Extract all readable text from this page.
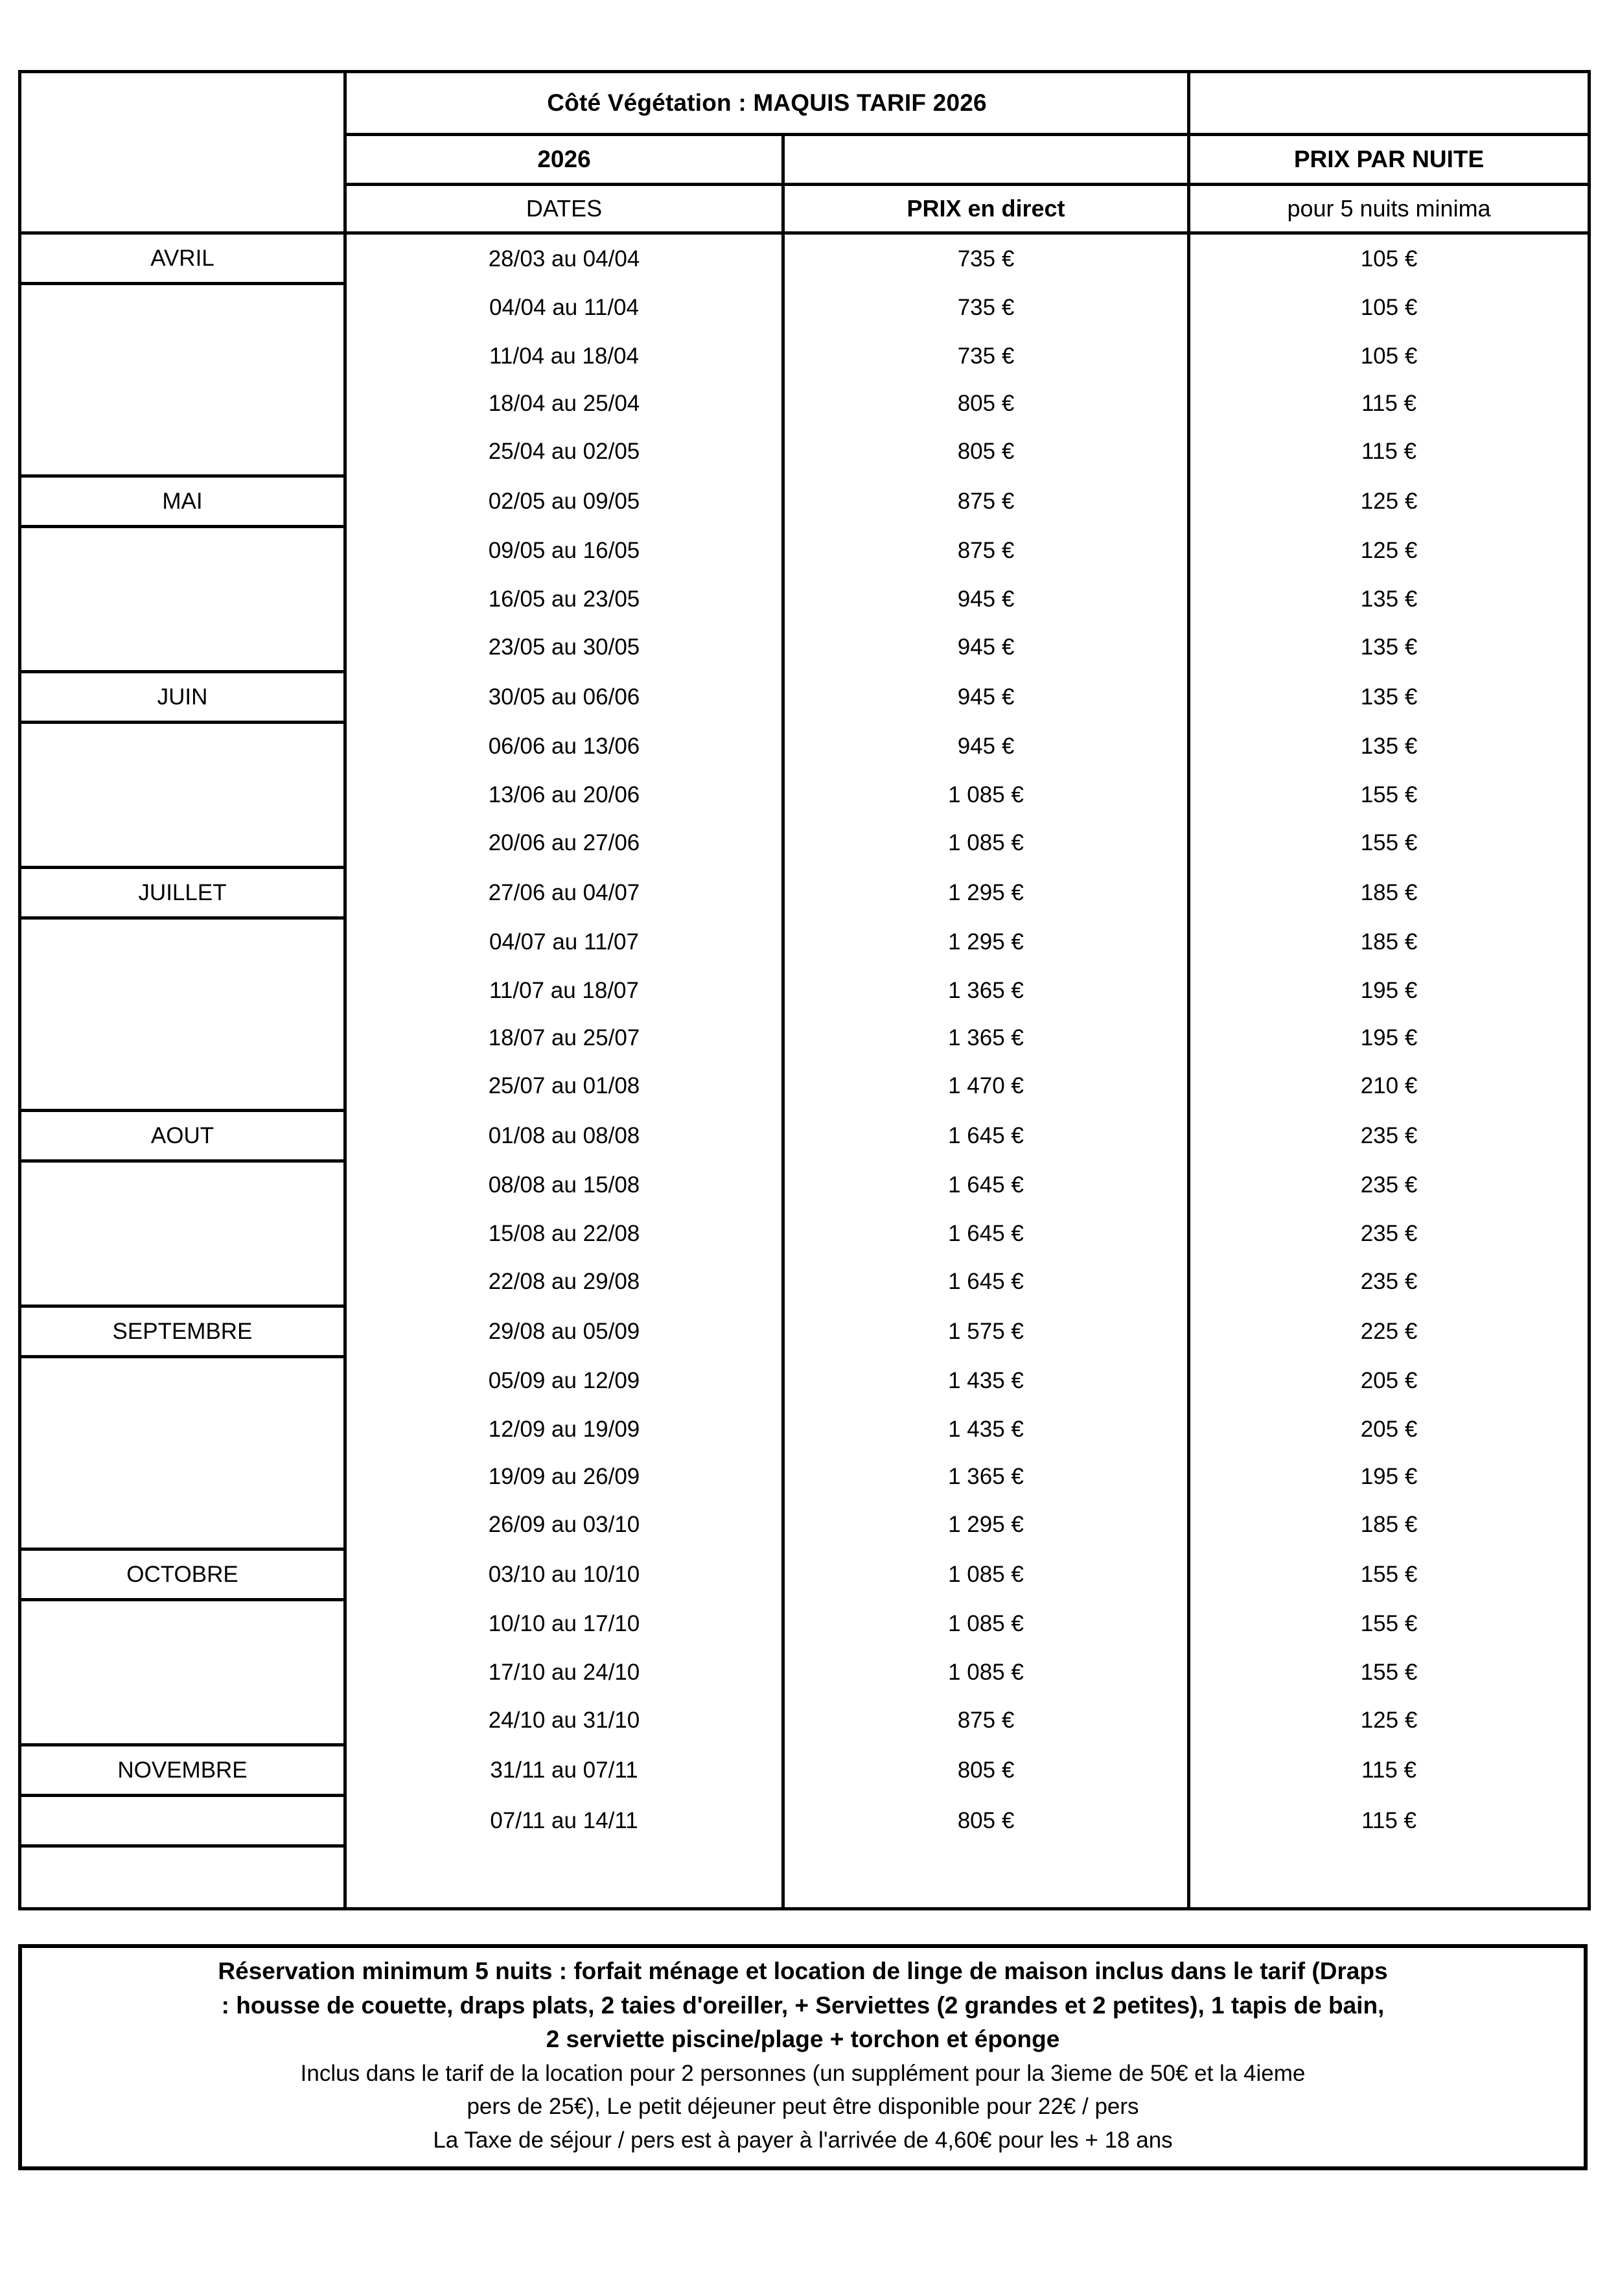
	Côté Végétation : MAQUIS TARIF 2026		
	2026		PRIX PAR NUITE
	DATES	PRIX en direct	pour 5 nuits minima
AVRIL	28/03 au 04/04	735 €	105 €
	04/04 au 11/04	735 €	105 €
	11/04 au 18/04	735 €	105 €
	18/04 au 25/04	805 €	115 €
	25/04 au 02/05	805 €	115 €
MAI	02/05 au 09/05	875 €	125 €
	09/05 au 16/05	875 €	125 €
	16/05 au 23/05	945 €	135 €
	23/05 au 30/05	945 €	135 €
JUIN	30/05 au 06/06	945 €	135 €
	06/06 au 13/06	945 €	135 €
	13/06 au 20/06	1 085 €	155 €
	20/06 au 27/06	1 085 €	155 €
JUILLET	27/06 au 04/07	1 295 €	185 €
	04/07 au 11/07	1 295 €	185 €
	11/07 au 18/07	1 365 €	195 €
	18/07 au 25/07	1 365 €	195 €
	25/07 au 01/08	1 470 €	210 €
AOUT	01/08 au 08/08	1 645 €	235 €
	08/08 au 15/08	1 645 €	235 €
	15/08 au 22/08	1 645 €	235 €
	22/08 au 29/08	1 645 €	235 €
SEPTEMBRE	29/08 au 05/09	1 575 €	225 €
	05/09 au 12/09	1 435 €	205 €
	12/09 au 19/09	1 435 €	205 €
	19/09 au 26/09	1 365 €	195 €
	26/09 au 03/10	1 295 €	185 €
OCTOBRE	03/10 au 10/10	1 085 €	155 €
	10/10 au 17/10	1 085 €	155 €
	17/10 au 24/10	1 085 €	155 €
	24/10 au 31/10	875 €	125 €
NOVEMBRE	31/11 au 07/11	805 €	115 €
	07/11 au 14/11	805 €	115 €

Réservation minimum 5 nuits : forfait ménage et location de linge de maison inclus dans le tarif (Draps

: housse de couette, draps plats, 2 taies d'oreiller, + Serviettes (2 grandes et 2 petites), 1 tapis de bain,

2 serviette piscine/plage + torchon et éponge

Inclus dans le tarif de la location pour 2 personnes (un supplément pour la 3ieme de 50€ et la 4ieme

pers de 25€), Le petit déjeuner peut être disponible pour 22€ / pers

La Taxe de séjour / pers est à payer à l'arrivée de 4,60€ pour les + 18 ans
